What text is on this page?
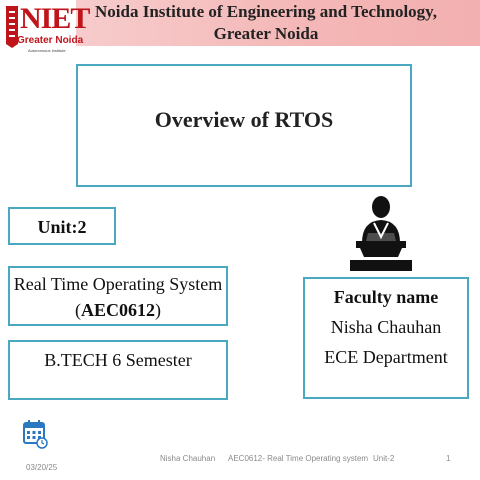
Noida Institute of Engineering and Technology,
Greater Noida
NIET
Greater Noida
Autonomous Institute
Overview of RTOS
Unit:2
Real Time Operating System
(AEC0612)
B.TECH 6 Semester
Faculty name
Nisha Chauhan
ECE Department
Nisha Chauhan AEC0612- Real Time Operating system Unit-2	1
03/20/25
